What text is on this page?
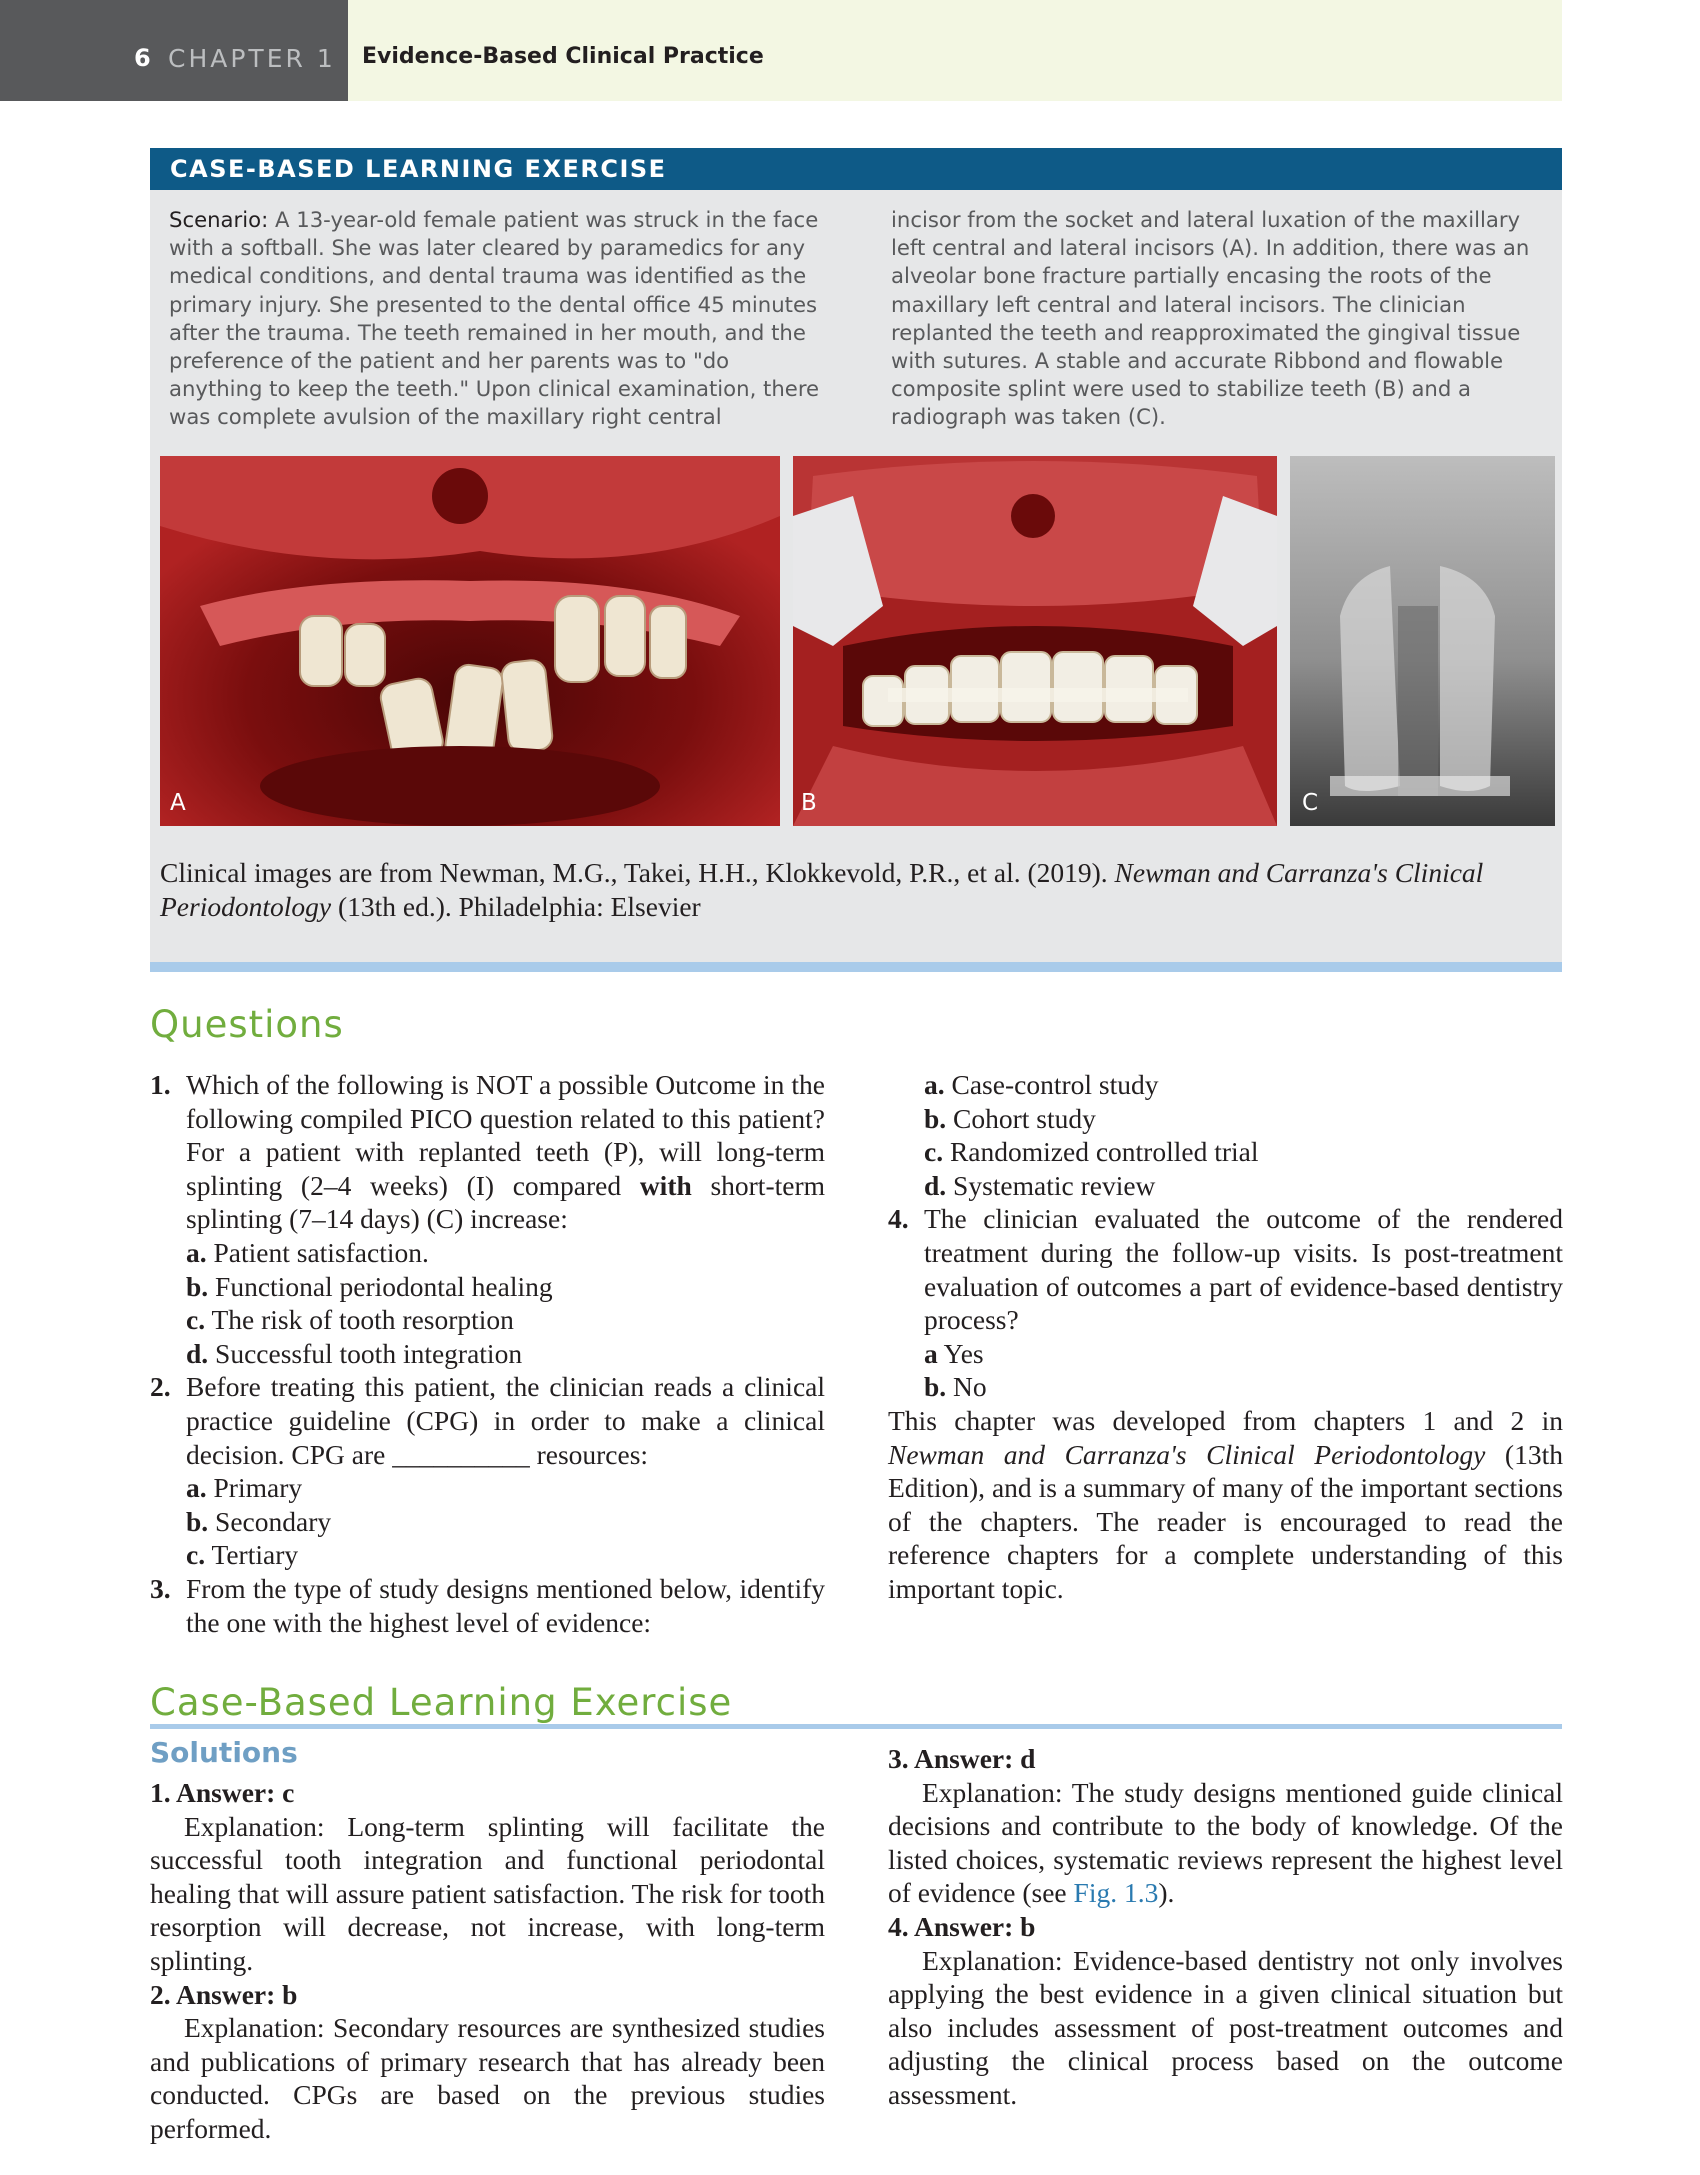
6 CHAPTER 1 Evidence-Based Clinical Practice
CASE-BASED LEARNING EXERCISE

Scenario: A 13-year-old female patient was struck in the face with a softball. She was later cleared by paramedics for any medical conditions, and dental trauma was identified as the primary injury. She presented to the dental office 45 minutes after the trauma. The teeth remained in her mouth, and the preference of the patient and her parents was to "do anything to keep the teeth." Upon clinical examination, there was complete avulsion of the maxillary right central

incisor from the socket and lateral luxation of the maxillary left central and lateral incisors (A). In addition, there was an alveolar bone fracture partially encasing the roots of the maxillary left central and lateral incisors. The clinician replanted the teeth and reapproximated the gingival tissue with sutures. A stable and accurate Ribbond and flowable composite splint were used to stabilize teeth (B) and a radiograph was taken (C).

A	B	C

Clinical images are from Newman, M.G., Takei, H.H., Klokkevold, P.R., et al. (2019). Newman and Carranza's Clinical Periodontology (13th ed.). Philadelphia: Elsevier

Questions
1. Which of the following is NOT a possible Outcome in the following compiled PICO question related to this patient? For a patient with replanted teeth (P), will long-term splinting (2–4 weeks) (I) compared with short-term splinting (7–14 days) (C) increase:
a. Patient satisfaction.
b. Functional periodontal healing
c. The risk of tooth resorption
d. Successful tooth integration
2. Before treating this patient, the clinician reads a clinical practice guideline (CPG) in order to make a clinical decision. CPG are __________ resources:
a. Primary
b. Secondary
c. Tertiary
3. From the type of study designs mentioned below, identify the one with the highest level of evidence:
a. Case-control study
b. Cohort study
c. Randomized controlled trial
d. Systematic review
4. The clinician evaluated the outcome of the rendered treatment during the follow-up visits. Is post-treatment evaluation of outcomes a part of evidence-based dentistry process?
a Yes
b. No
This chapter was developed from chapters 1 and 2 in Newman and Carranza's Clinical Periodontology (13th Edition), and is a summary of many of the important sections of the chapters. The reader is encouraged to read the reference chapters for a complete understanding of this important topic.
Case-Based Learning Exercise
Solutions
1. Answer: c
Explanation: Long-term splinting will facilitate the successful tooth integration and functional periodontal healing that will assure patient satisfaction. The risk for tooth resorption will decrease, not increase, with long-term splinting.
2. Answer: b
Explanation: Secondary resources are synthesized studies and publications of primary research that has already been conducted. CPGs are based on the previous studies performed.
3. Answer: d
Explanation: The study designs mentioned guide clinical decisions and contribute to the body of knowledge. Of the listed choices, systematic reviews represent the highest level of evidence (see Fig. 1.3).
4. Answer: b
Explanation: Evidence-based dentistry not only involves applying the best evidence in a given clinical situation but also includes assessment of post-treatment outcomes and adjusting the clinical process based on the outcome assessment.
